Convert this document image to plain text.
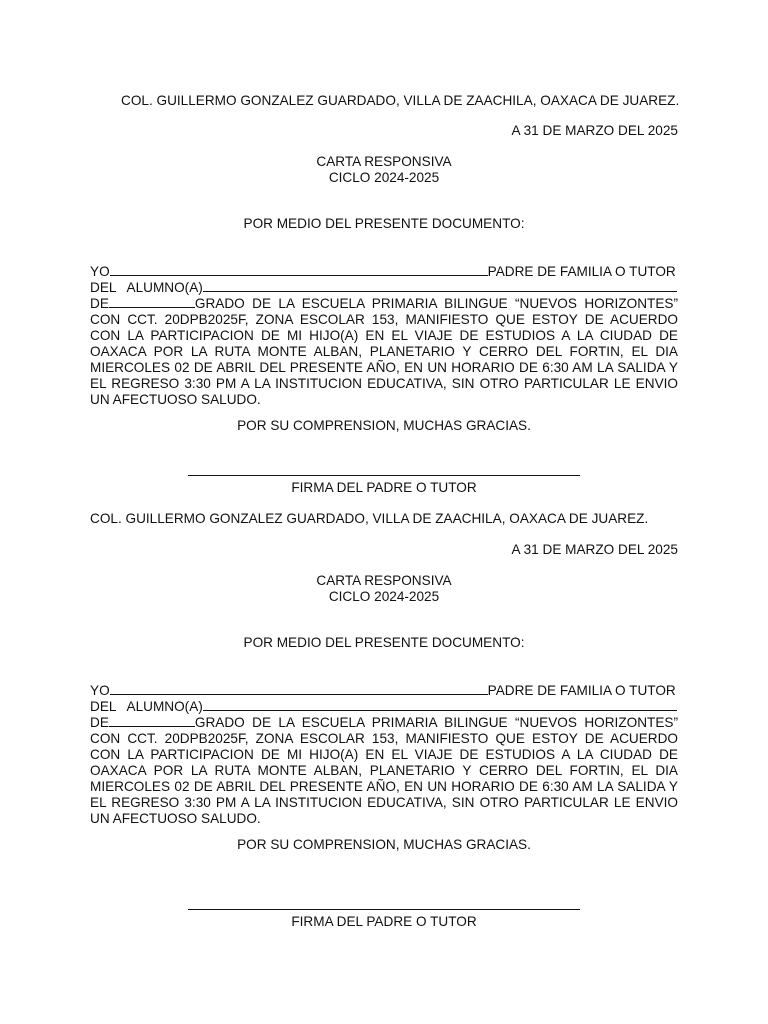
COL. GUILLERMO GONZALEZ GUARDADO, VILLA DE ZAACHILA, OAXACA DE JUAREZ.
A 31 DE MARZO DEL 2025
CARTA RESPONSIVA
CICLO 2024-2025
POR MEDIO DEL PRESENTE DOCUMENTO:
YO	PADRE DE FAMILIA O TUTOR
DEL   ALUMNO(A)
DE	GRADO DE LA ESCUELA PRIMARIA BILINGUE “NUEVOS HORIZONTES” CON CCT. 20DPB2025F, ZONA ESCOLAR 153, MANIFIESTO QUE ESTOY DE ACUERDO CON LA PARTICIPACION DE MI HIJO(A) EN EL VIAJE DE ESTUDIOS A LA CIUDAD DE OAXACA POR LA RUTA MONTE ALBAN, PLANETARIO Y CERRO DEL FORTIN, EL DIA MIERCOLES 02 DE ABRIL DEL PRESENTE AÑO, EN UN HORARIO DE 6:30 AM LA SALIDA Y EL REGRESO 3:30 PM A LA INSTITUCION EDUCATIVA, SIN OTRO PARTICULAR LE ENVIO UN AFECTUOSO SALUDO.
POR SU COMPRENSION, MUCHAS GRACIAS.
FIRMA DEL PADRE O TUTOR
COL. GUILLERMO GONZALEZ GUARDADO, VILLA DE ZAACHILA, OAXACA DE JUAREZ.
A 31 DE MARZO DEL 2025
CARTA RESPONSIVA
CICLO 2024-2025
POR MEDIO DEL PRESENTE DOCUMENTO:
YO	PADRE DE FAMILIA O TUTOR
DEL   ALUMNO(A)
DE	GRADO DE LA ESCUELA PRIMARIA BILINGUE “NUEVOS HORIZONTES” CON CCT. 20DPB2025F, ZONA ESCOLAR 153, MANIFIESTO QUE ESTOY DE ACUERDO CON LA PARTICIPACION DE MI HIJO(A) EN EL VIAJE DE ESTUDIOS A LA CIUDAD DE OAXACA POR LA RUTA MONTE ALBAN, PLANETARIO Y CERRO DEL FORTIN, EL DIA MIERCOLES 02 DE ABRIL DEL PRESENTE AÑO, EN UN HORARIO DE 6:30 AM LA SALIDA Y EL REGRESO 3:30 PM A LA INSTITUCION EDUCATIVA, SIN OTRO PARTICULAR LE ENVIO UN AFECTUOSO SALUDO.
POR SU COMPRENSION, MUCHAS GRACIAS.
FIRMA DEL PADRE O TUTOR
